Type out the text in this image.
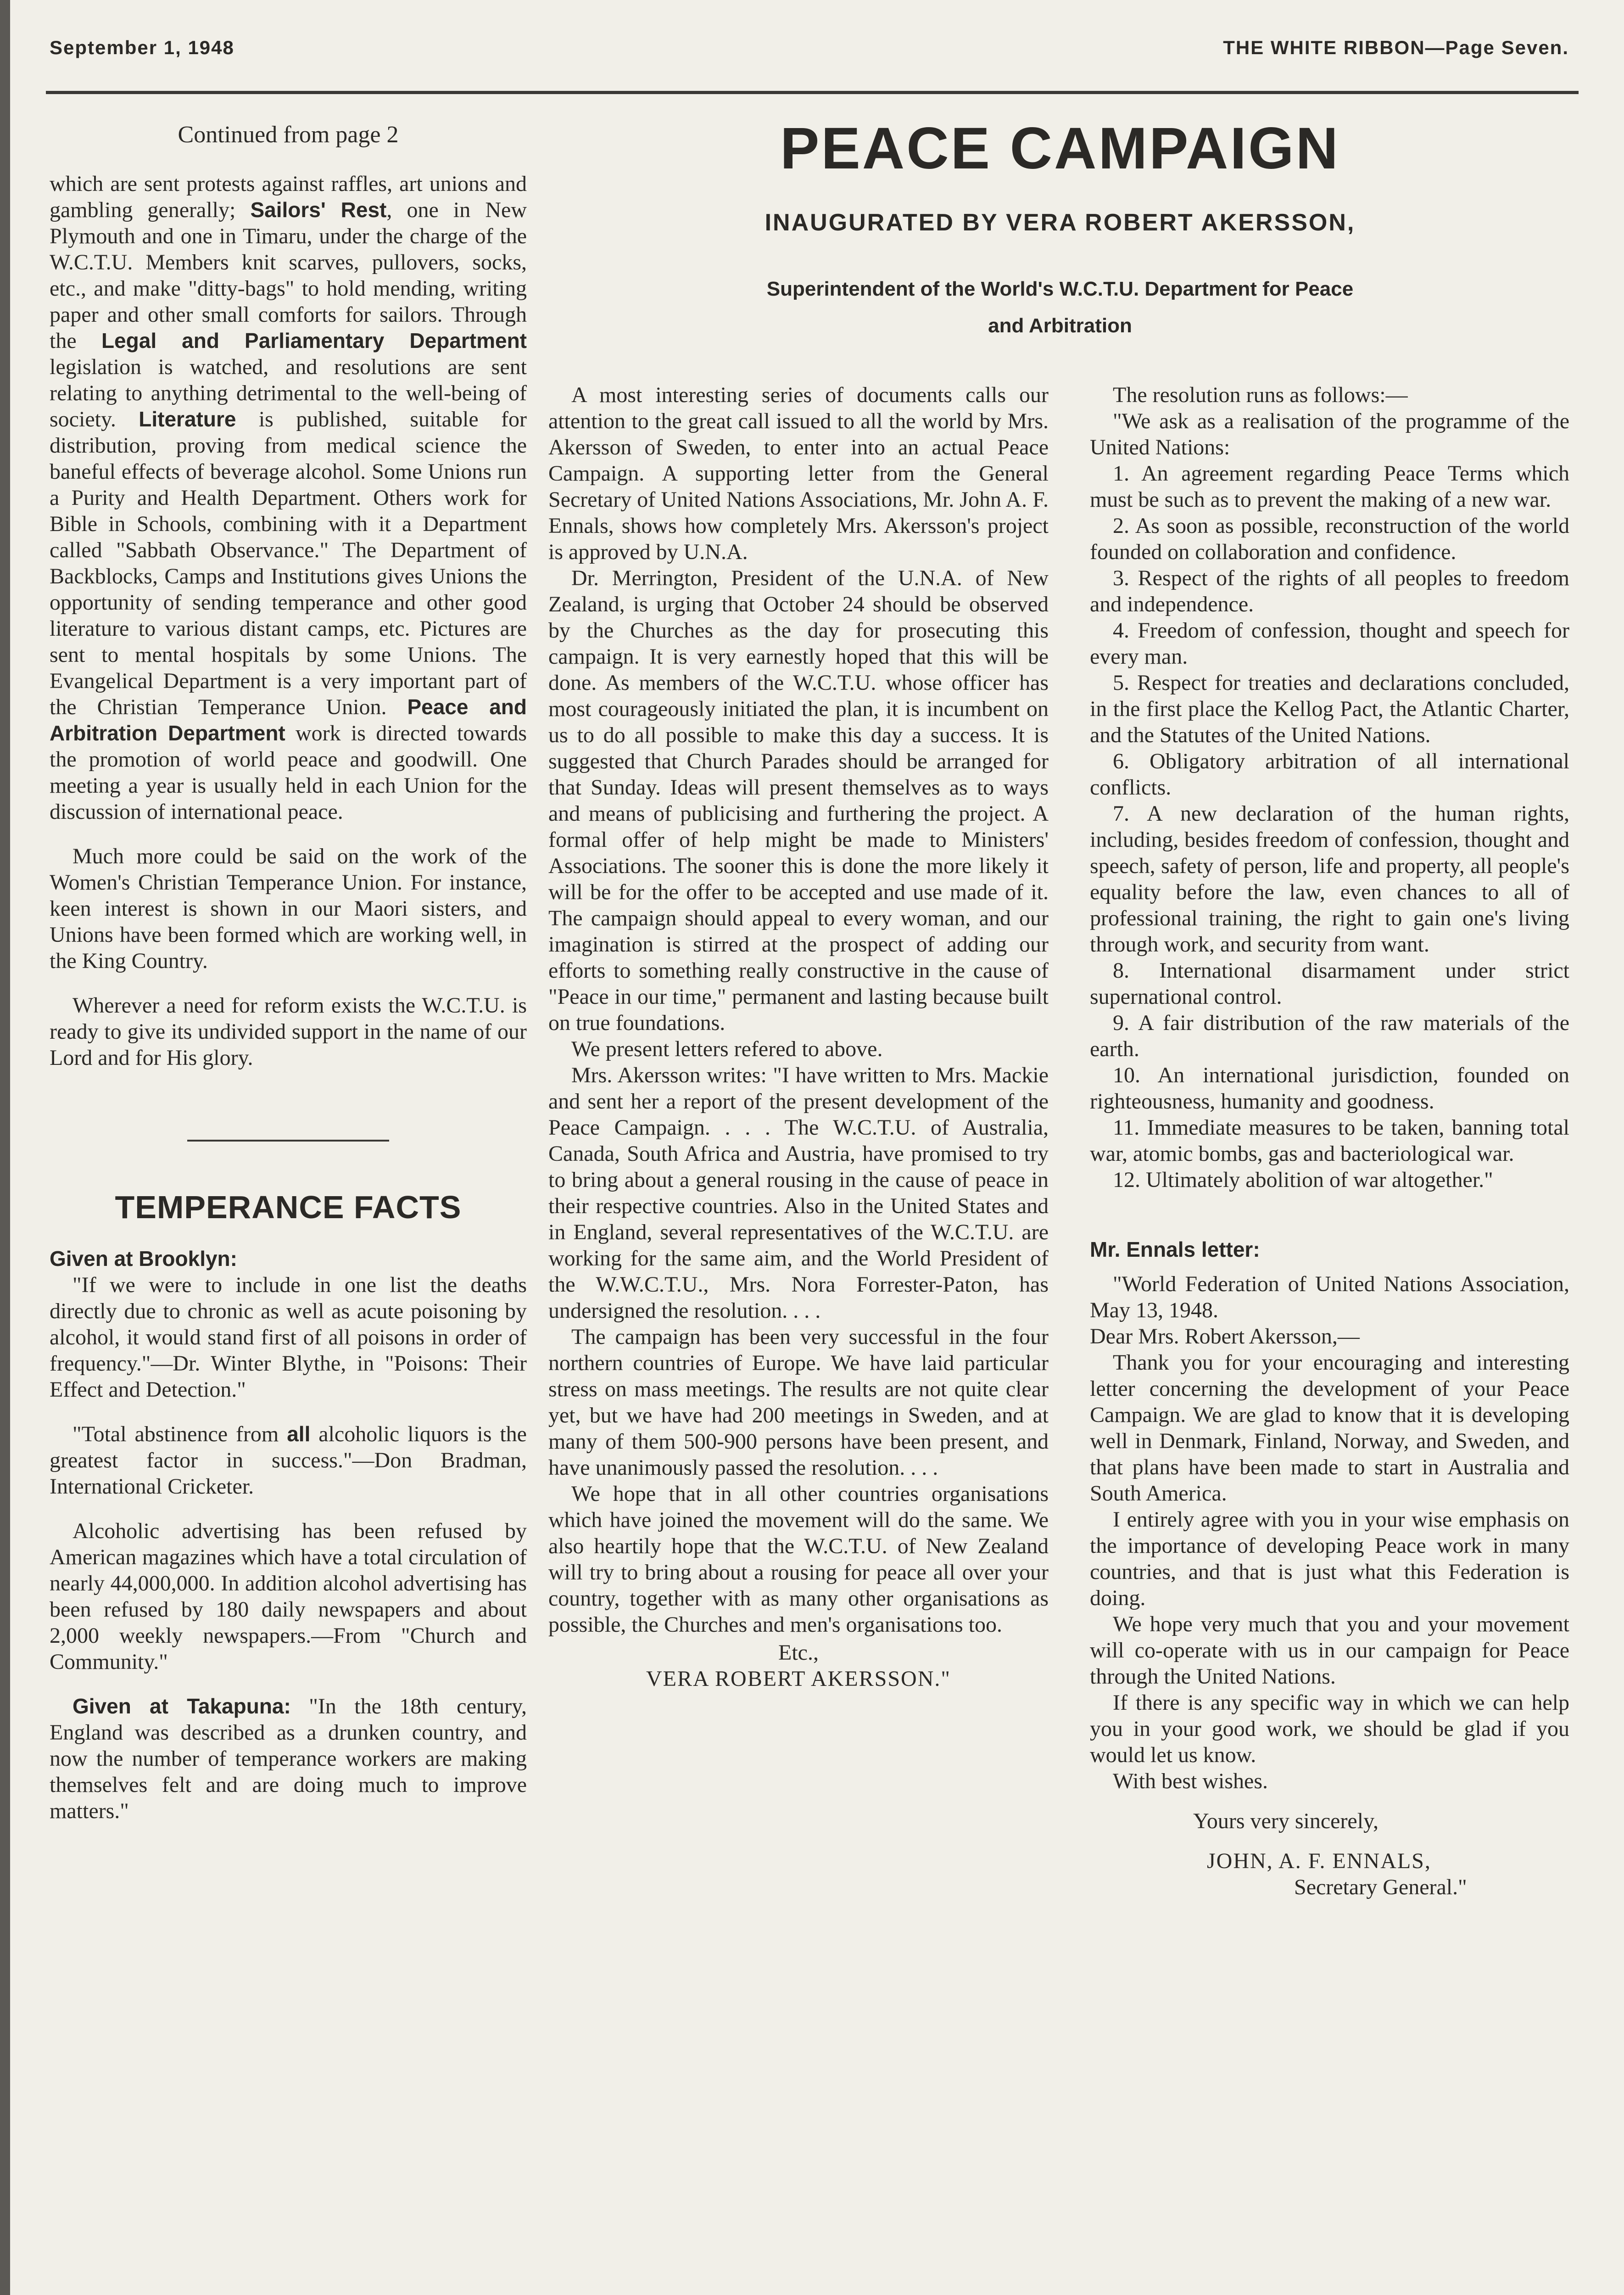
September 1, 1948	THE WHITE RIBBON—Page Seven.
Continued from page 2

which are sent protests against raffles, art unions and gambling generally; Sailors' Rest, one in New Plymouth and one in Timaru, under the charge of the W.C.T.U. Members knit scarves, pullovers, socks, etc., and make "ditty-bags" to hold mending, writing paper and other small comforts for sailors. Through the Legal and Parliamentary Department legislation is watched, and resolutions are sent relating to anything detrimental to the well-being of society. Literature is published, suitable for distribution, proving from medical science the baneful effects of beverage alcohol. Some Unions run a Purity and Health Department. Others work for Bible in Schools, combining with it a Department called "Sabbath Observance." The Department of Backblocks, Camps and Institutions gives Unions the opportunity of sending temperance and other good literature to various distant camps, etc. Pictures are sent to mental hospitals by some Unions. The Evangelical Department is a very important part of the Christian Temperance Union. Peace and Arbitration Department work is directed towards the promotion of world peace and goodwill. One meeting a year is usually held in each Union for the discussion of international peace.

Much more could be said on the work of the Women's Christian Temperance Union. For instance, keen interest is shown in our Maori sisters, and Unions have been formed which are working well, in the King Country.

Wherever a need for reform exists the W.C.T.U. is ready to give its undivided support in the name of our Lord and for His glory.

TEMPERANCE FACTS
Given at Brooklyn:

"If we were to include in one list the deaths directly due to chronic as well as acute poisoning by alcohol, it would stand first of all poisons in order of frequency."—Dr. Winter Blythe, in "Poisons: Their Effect and Detection."

"Total abstinence from all alcoholic liquors is the greatest factor in success."—Don Bradman, International Cricketer.

Alcoholic advertising has been refused by American magazines which have a total circulation of nearly 44,000,000. In addition alcohol advertising has been refused by 180 daily newspapers and about 2,000 weekly newspapers.—From "Church and Community."

Given at Takapuna: "In the 18th century, England was described as a drunken country, and now the number of temperance workers are making themselves felt and are doing much to improve matters."

PEACE CAMPAIGN
INAUGURATED BY VERA ROBERT AKERSSON,
Superintendent of the World's W.C.T.U. Department for Peace
and Arbitration

A most interesting series of documents calls our attention to the great call issued to all the world by Mrs. Akersson of Sweden, to enter into an actual Peace Campaign. A supporting letter from the General Secretary of United Nations Associations, Mr. John A. F. Ennals, shows how completely Mrs. Akersson's project is approved by U.N.A.

Dr. Merrington, President of the U.N.A. of New Zealand, is urging that October 24 should be observed by the Churches as the day for prosecuting this campaign. It is very earnestly hoped that this will be done. As members of the W.C.T.U. whose officer has most courageously initiated the plan, it is incumbent on us to do all possible to make this day a success. It is suggested that Church Parades should be arranged for that Sunday. Ideas will present themselves as to ways and means of publicising and furthering the project. A formal offer of help might be made to Ministers' Associations. The sooner this is done the more likely it will be for the offer to be accepted and use made of it. The campaign should appeal to every woman, and our imagination is stirred at the prospect of adding our efforts to something really constructive in the cause of "Peace in our time," permanent and lasting because built on true foundations.

We present letters refered to above.

Mrs. Akersson writes: "I have written to Mrs. Mackie and sent her a report of the present development of the Peace Campaign. . . . The W.C.T.U. of Australia, Canada, South Africa and Austria, have promised to try to bring about a general rousing in the cause of peace in their respective countries. Also in the United States and in England, several representatives of the W.C.T.U. are working for the same aim, and the World President of the W.W.C.T.U., Mrs. Nora Forrester-Paton, has undersigned the resolution. . . .

The campaign has been very successful in the four northern countries of Europe. We have laid particular stress on mass meetings. The results are not quite clear yet, but we have had 200 meetings in Sweden, and at many of them 500-900 persons have been present, and have unanimously passed the resolution. . . .

We hope that in all other countries organisations which have joined the movement will do the same. We also heartily hope that the W.C.T.U. of New Zealand will try to bring about a rousing for peace all over your country, together with as many other organisations as possible, the Churches and men's organisations too.

Etc.,
VERA ROBERT AKERSSON."

The resolution runs as follows:—

"We ask as a realisation of the programme of the United Nations:

1. An agreement regarding Peace Terms which must be such as to prevent the making of a new war.

2. As soon as possible, reconstruction of the world founded on collaboration and confidence.

3. Respect of the rights of all peoples to freedom and independence.

4. Freedom of confession, thought and speech for every man.

5. Respect for treaties and declarations concluded, in the first place the Kellog Pact, the Atlantic Charter, and the Statutes of the United Nations.

6. Obligatory arbitration of all international conflicts.

7. A new declaration of the human rights, including, besides freedom of confession, thought and speech, safety of person, life and property, all people's equality before the law, even chances to all of professional training, the right to gain one's living through work, and security from want.

8. International disarmament under strict supernational control.

9. A fair distribution of the raw materials of the earth.

10. An international jurisdiction, founded on righteousness, humanity and goodness.

11. Immediate measures to be taken, banning total war, atomic bombs, gas and bacteriological war.

12. Ultimately abolition of war altogether."

Mr. Ennals letter:

"World Federation of United Nations Association, May 13, 1948.

Dear Mrs. Robert Akersson,—

Thank you for your encouraging and interesting letter concerning the development of your Peace Campaign. We are glad to know that it is developing well in Denmark, Finland, Norway, and Sweden, and that plans have been made to start in Australia and South America.

I entirely agree with you in your wise emphasis on the importance of developing Peace work in many countries, and that is just what this Federation is doing.

We hope very much that you and your movement will co-operate with us in our campaign for Peace through the United Nations.

If there is any specific way in which we can help you in your good work, we should be glad if you would let us know.

With best wishes.

Yours very sincerely,
JOHN, A. F. ENNALS,
Secretary General."
